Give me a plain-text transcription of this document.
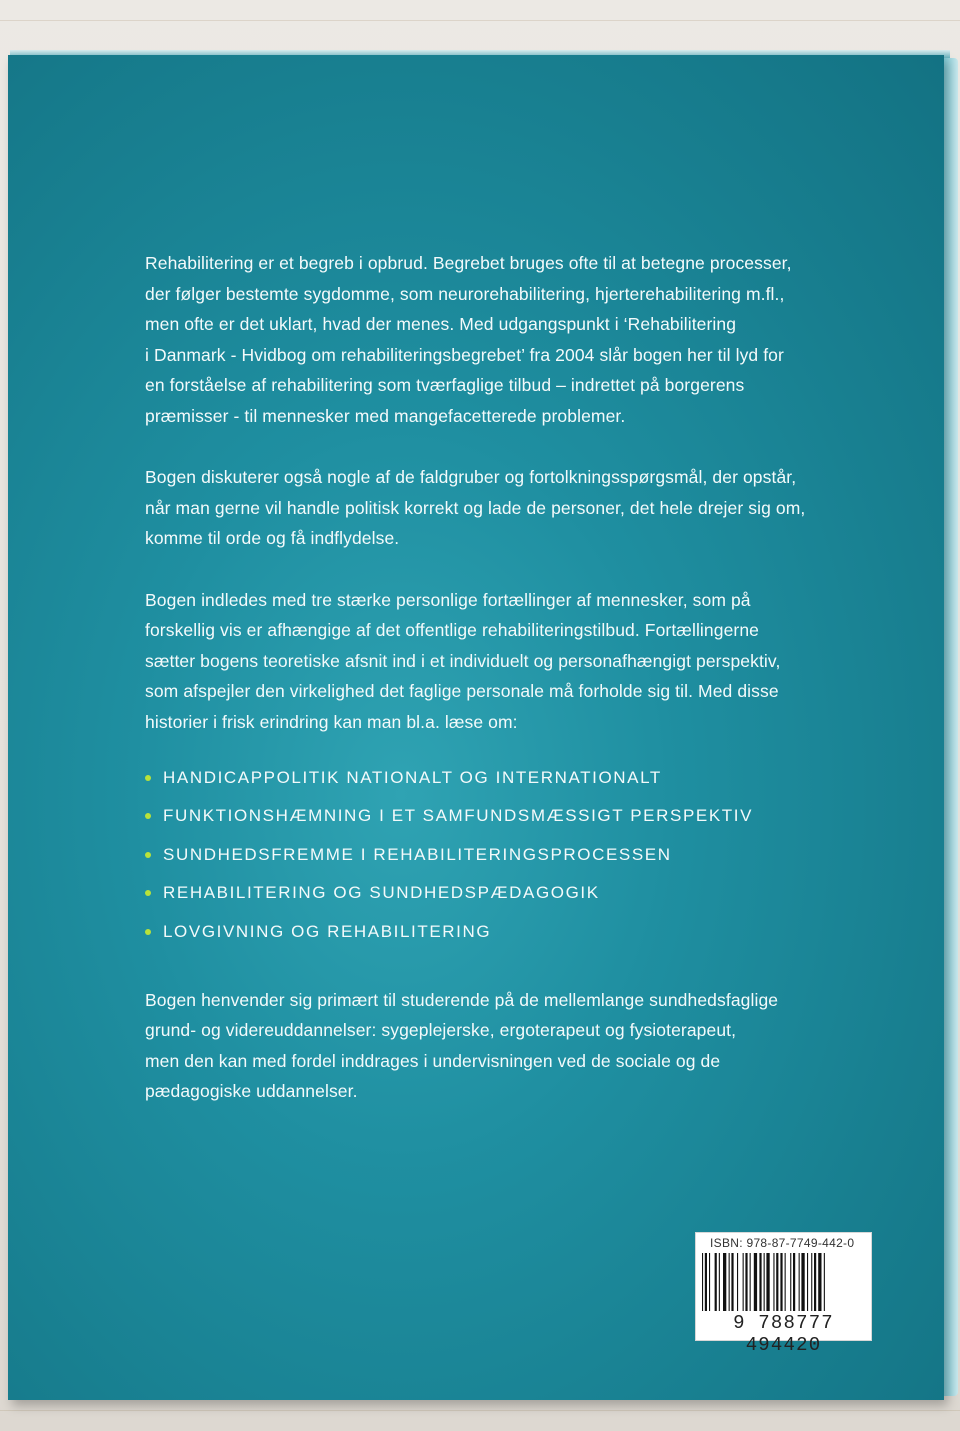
Rehabilitering er et begreb i opbrud. Begrebet bruges ofte til at betegne processer,
der følger bestemte sygdomme, som neurorehabilitering, hjerterehabilitering m.fl.,
men ofte er det uklart, hvad der menes. Med udgangspunkt i ‘Rehabilitering
i Danmark - Hvidbog om rehabiliteringsbegrebet’ fra 2004 slår bogen her til lyd for
en forståelse af rehabilitering som tværfaglige tilbud – indrettet på borgerens
præmisser - til mennesker med mangefacetterede problemer.

Bogen diskuterer også nogle af de faldgruber og fortolkningsspørgsmål, der opstår,
når man gerne vil handle politisk korrekt og lade de personer, det hele drejer sig om,
komme til orde og få indflydelse.

Bogen indledes med tre stærke personlige fortællinger af mennesker, som på
forskellig vis er afhængige af det offentlige rehabiliteringstilbud. Fortællingerne
sætter bogens teoretiske afsnit ind i et individuelt og personafhængigt perspektiv,
som afspejler den virkelighed det faglige personale må forholde sig til. Med disse
historier i frisk erindring kan man bl.a. læse om:

HANDICAPPOLITIK NATIONALT OG INTERNATIONALT
FUNKTIONSHÆMNING I ET SAMFUNDSMÆSSIGT PERSPEKTIV
SUNDHEDSFREMME I REHABILITERINGSPROCESSEN
REHABILITERING OG SUNDHEDSPÆDAGOGIK
LOVGIVNING OG REHABILITERING

Bogen henvender sig primært til studerende på de mellemlange sundhedsfaglige
grund- og videreuddannelser: sygeplejerske, ergoterapeut og fysioterapeut,
men den kan med fordel inddrages i undervisningen ved de sociale og de
pædagogiske uddannelser.

ISBN: 978-87-7749-442-0
9 788777 494420
